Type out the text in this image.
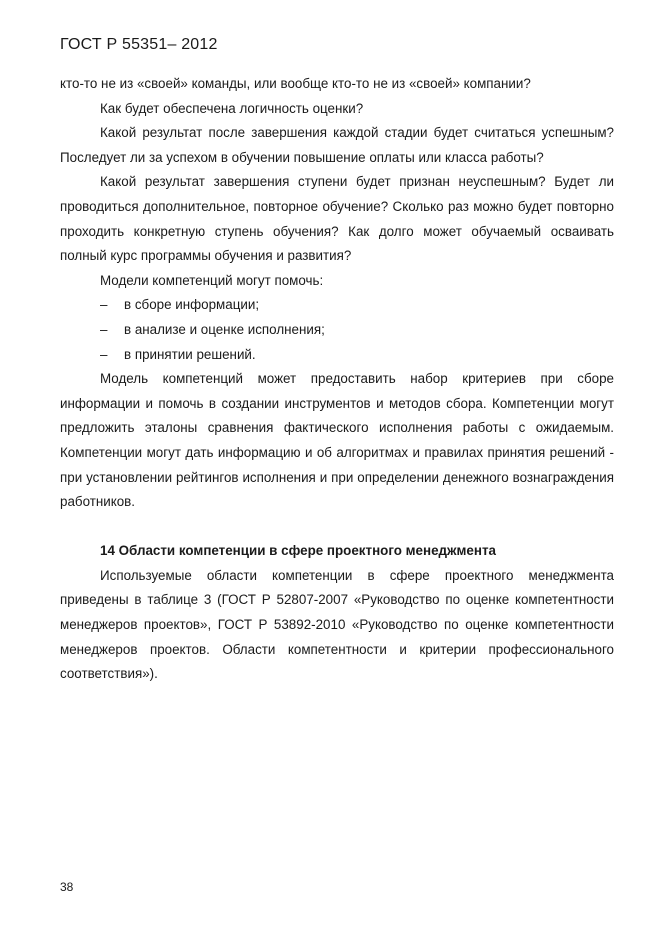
ГОСТ Р 55351– 2012

кто-то не из «своей» команды, или вообще кто-то не из «своей» компании?

Как будет обеспечена логичность оценки?

Какой результат после завершения каждой стадии будет считаться успешным? Последует ли за успехом в обучении повышение оплаты или класса работы?

Какой результат завершения ступени будет признан неуспешным? Будет ли проводиться дополнительное, повторное обучение? Сколько раз можно будет повторно проходить конкретную ступень обучения? Как долго может обучаемый осваивать полный курс программы обучения и развития?

Модели компетенций могут помочь:

– в сборе информации;
– в анализе и оценке исполнения;
– в принятии решений.

Модель компетенций может предоставить набор критериев при сборе информации и помочь в создании инструментов и методов сбора. Компетенции могут предложить эталоны сравнения фактического исполнения работы с ожидаемым. Компетенции могут дать информацию и об алгоритмах и правилах принятия решений - при установлении рейтингов исполнения и при определении денежного вознаграждения работников.

14 Области компетенции в сфере проектного менеджмента

Используемые области компетенции в сфере проектного менеджмента приведены в таблице 3 (ГОСТ Р 52807-2007 «Руководство по оценке компетентности менеджеров проектов», ГОСТ Р 53892-2010 «Руководство по оценке компетентности менеджеров проектов. Области компетентности и критерии профессионального соответствия»).

38
